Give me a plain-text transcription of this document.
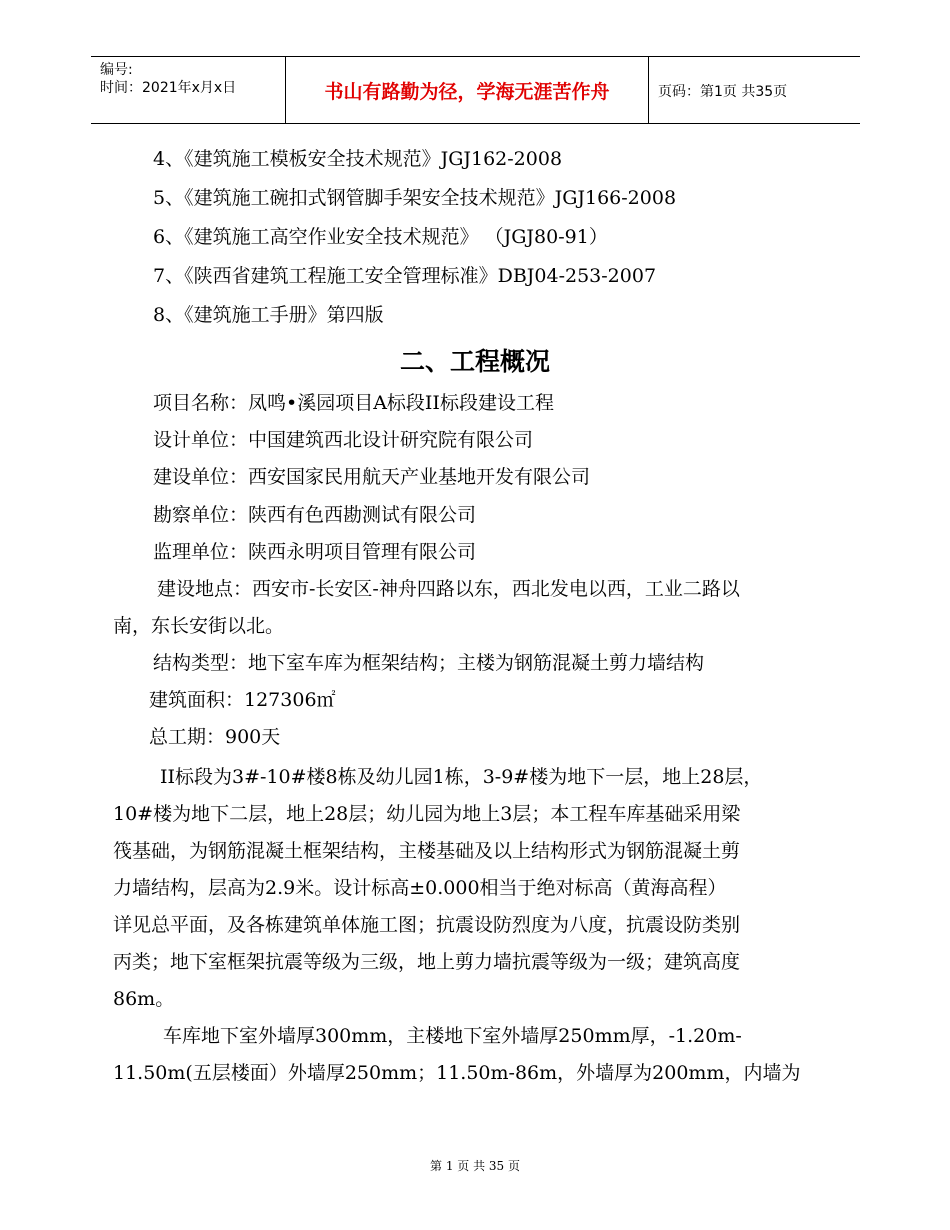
编号:
时间：2021年x月x日	书山有路勤为径，学海无涯苦作舟	页码：第1页 共35页
4、《建筑施工模板安全技术规范》JGJ162-2008
5、《建筑施工碗扣式钢管脚手架安全技术规范》JGJ166-2008
6、《建筑施工高空作业安全技术规范》 （JGJ80-91）
7、《陕西省建筑工程施工安全管理标准》DBJ04-253-2007
8、《建筑施工手册》第四版
二、工程概况
项目名称：凤鸣•溪园项目A标段II标段建设工程
设计单位：中国建筑西北设计研究院有限公司
建设单位：西安国家民用航天产业基地开发有限公司
勘察单位：陕西有色西勘测试有限公司
监理单位：陕西永明项目管理有限公司
建设地点：西安市-长安区-神舟四路以东，西北发电以西，工业二路以
南，东长安街以北。
结构类型：地下室车库为框架结构；主楼为钢筋混凝土剪力墙结构
建筑面积：127306㎡
总工期：900天
II标段为3#-10#楼8栋及幼儿园1栋，3-9#楼为地下一层，地上28层，
10#楼为地下二层，地上28层；幼儿园为地上3层；本工程车库基础采用梁
筏基础，为钢筋混凝土框架结构，主楼基础及以上结构形式为钢筋混凝土剪
力墙结构，层高为2.9米。设计标高±0.000相当于绝对标高（黄海高程）
详见总平面，及各栋建筑单体施工图；抗震设防烈度为八度，抗震设防类别
丙类；地下室框架抗震等级为三级，地上剪力墙抗震等级为一级；建筑高度
86m。
车库地下室外墙厚300mm，主楼地下室外墙厚250mm厚，-1.20m-
11.50m(五层楼面）外墙厚250mm；11.50m-86m，外墙厚为200mm，内墙为
第 1 页 共 35 页
